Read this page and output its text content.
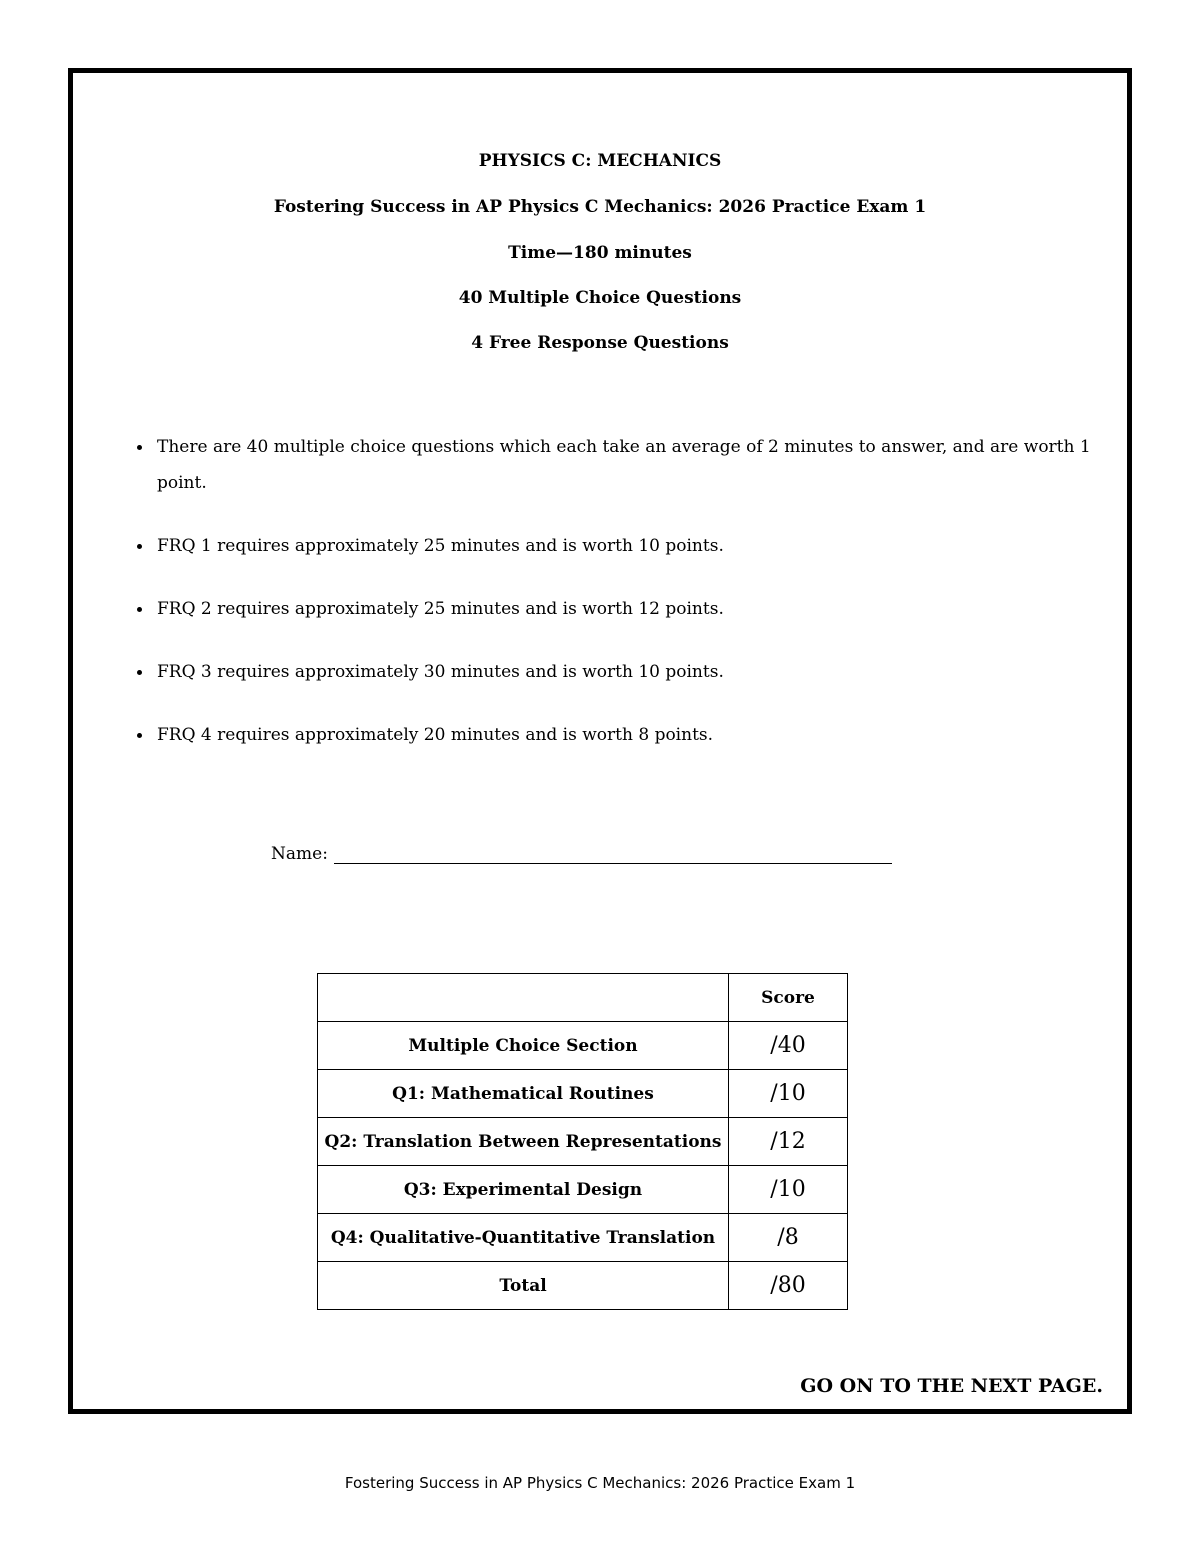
PHYSICS C: MECHANICS
Fostering Success in AP Physics C Mechanics: 2026 Practice Exam 1
Time—180 minutes
40 Multiple Choice Questions
4 Free Response Questions
There are 40 multiple choice questions which each take an average of 2 minutes to answer, and are worth 1 point.
FRQ 1 requires approximately 25 minutes and is worth 10 points.
FRQ 2 requires approximately 25 minutes and is worth 12 points.
FRQ 3 requires approximately 30 minutes and is worth 10 points.
FRQ 4 requires approximately 20 minutes and is worth 8 points.
Name:
	Score
Multiple Choice Section	/40
Q1: Mathematical Routines	/10
Q2: Translation Between Representations	/12
Q3: Experimental Design	/10
Q4: Qualitative-Quantitative Translation	/8
Total	/80
GO ON TO THE NEXT PAGE.
Fostering Success in AP Physics C Mechanics: 2026 Practice Exam 1
